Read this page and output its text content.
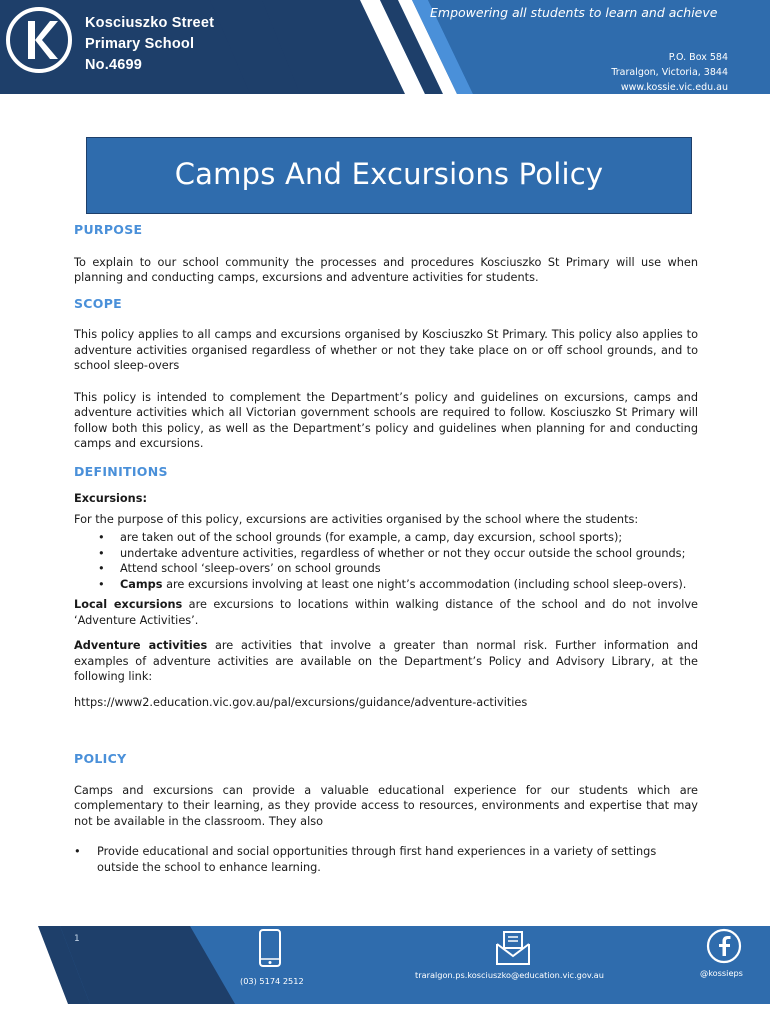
Kosciuszko Street
Primary School
No.4699
Empowering all students to learn and achieve
P.O. Box 584
Traralgon, Victoria, 3844
www.kossie.vic.edu.au
Camps And Excursions Policy
PURPOSE

To explain to our school community the processes and procedures Kosciuszko St Primary will use when planning and conducting camps, excursions and adventure activities for students.

SCOPE

This policy applies to all camps and excursions organised by Kosciuszko St Primary. This policy also applies to adventure activities organised regardless of whether or not they take place on or off school grounds, and to school sleep-overs

This policy is intended to complement the Department’s policy and guidelines on excursions, camps and adventure activities which all Victorian government schools are required to follow. Kosciuszko St Primary will follow both this policy, as well as the Department’s policy and guidelines when planning for and conducting camps and excursions.

DEFINITIONS

Excursions:

For the purpose of this policy, excursions are activities organised by the school where the students:

• are taken out of the school grounds (for example, a camp, day excursion, school sports);
• undertake adventure activities, regardless of whether or not they occur outside the school grounds;
• Attend school ‘sleep-overs’ on school grounds
• Camps are excursions involving at least one night’s accommodation (including school sleep-overs).

Local excursions are excursions to locations within walking distance of the school and do not involve ‘Adventure Activities’.

Adventure activities are activities that involve a greater than normal risk. Further information and examples of adventure activities are available on the Department’s Policy and Advisory Library, at the following link:

https://www2.education.vic.gov.au/pal/excursions/guidance/adventure-activities

POLICY

Camps and excursions can provide a valuable educational experience for our students which are complementary to their learning, as they provide access to resources, environments and expertise that may not be available in the classroom. They also

• Provide educational and social opportunities through first hand experiences in a variety of settings outside the school to enhance learning.
(03) 5174 2512
traralgon.ps.kosciuszko@education.vic.gov.au	@kossieps
1
